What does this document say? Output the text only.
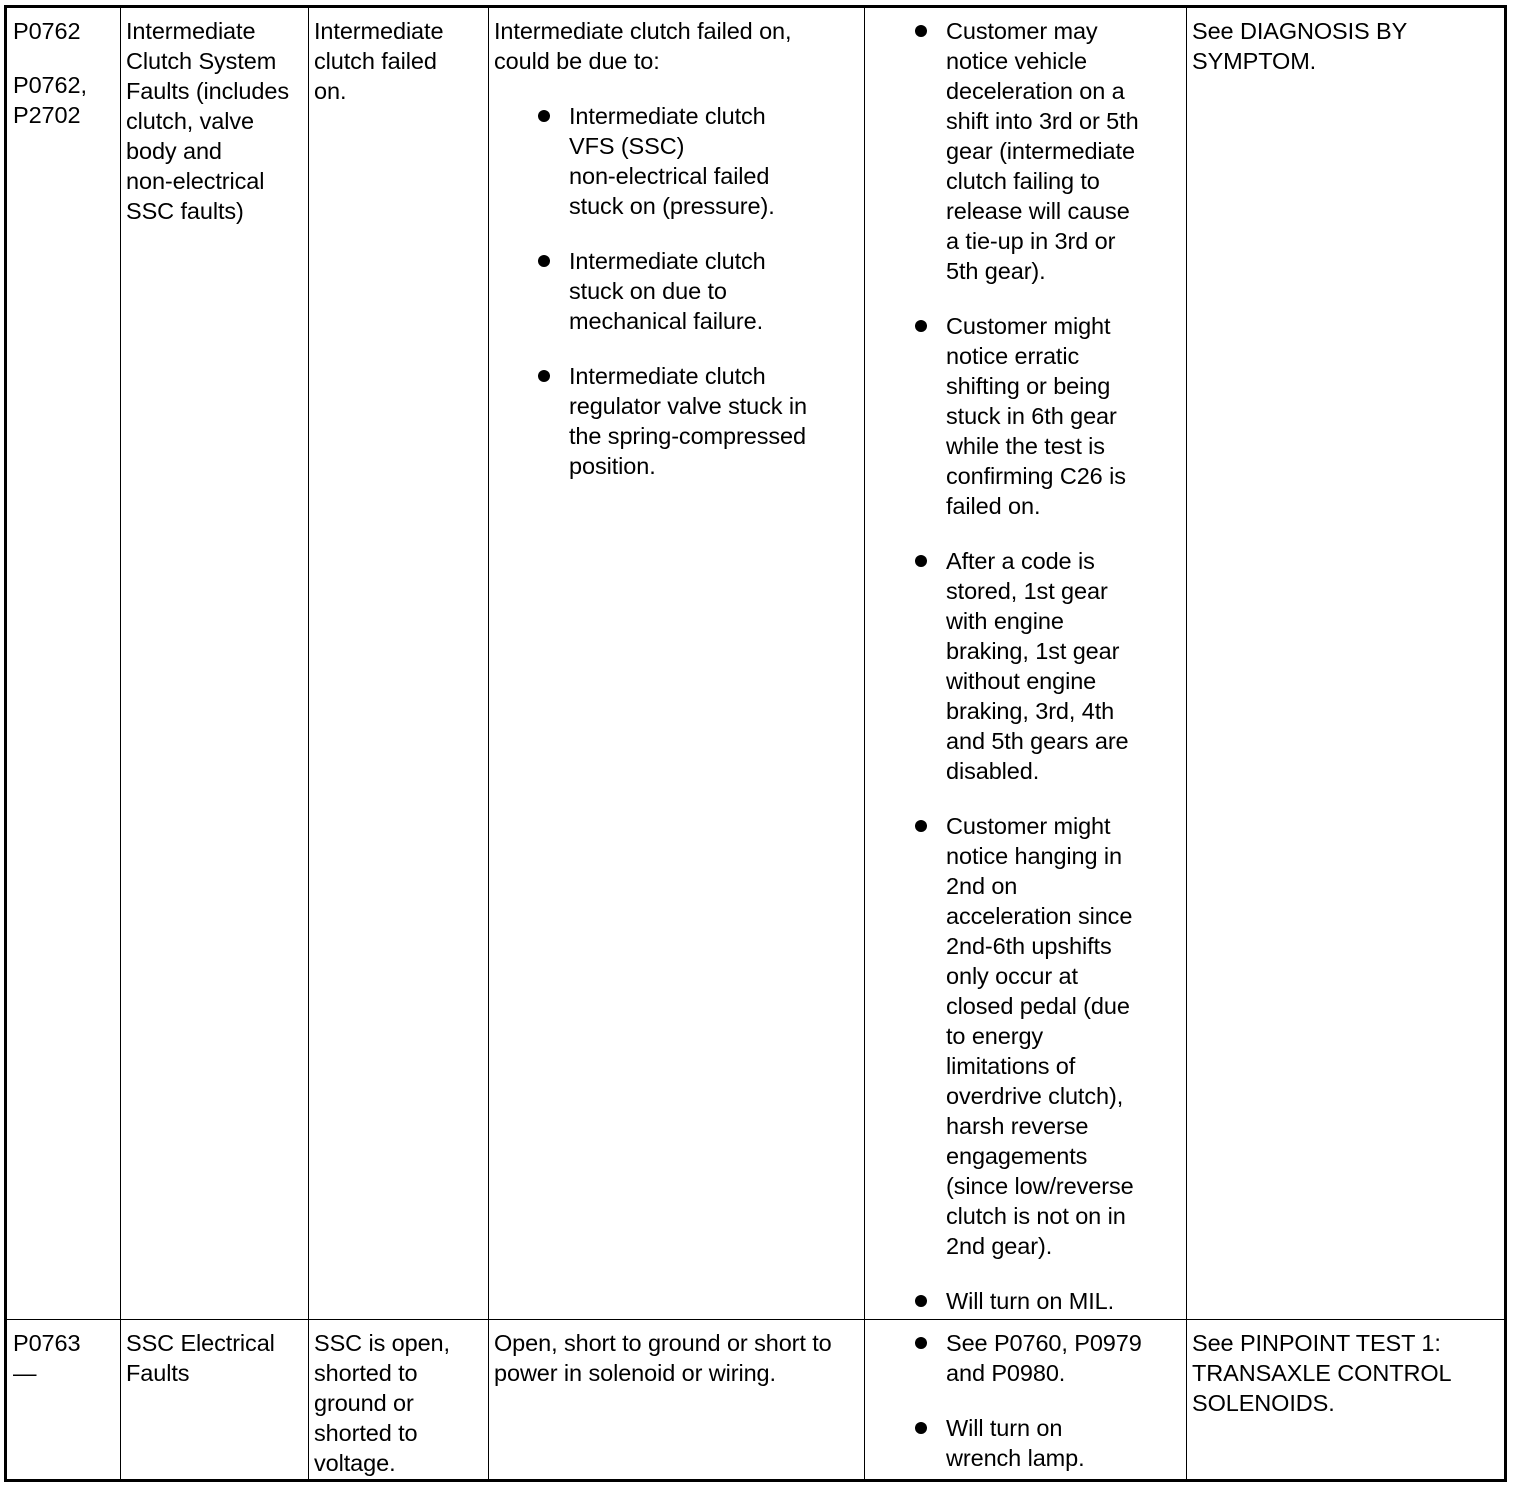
P0762

P0762,
P2702

Intermediate
Clutch System
Faults (includes
clutch, valve
body and
non-electrical
SSC faults)

Intermediate
clutch failed
on.

Intermediate clutch failed on,
could be due to:

Intermediate clutch
VFS (SSC)
non-electrical failed
stuck on (pressure).
Intermediate clutch
stuck on due to
mechanical failure.
Intermediate clutch
regulator valve stuck in
the spring-compressed
position.
Customer may
notice vehicle
deceleration on a
shift into 3rd or 5th
gear (intermediate
clutch failing to
release will cause
a tie-up in 3rd or
5th gear).
Customer might
notice erratic
shifting or being
stuck in 6th gear
while the test is
confirming C26 is
failed on.
After a code is
stored, 1st gear
with engine
braking, 1st gear
without engine
braking, 3rd, 4th
and 5th gears are
disabled.
Customer might
notice hanging in
2nd on
acceleration since
2nd-6th upshifts
only occur at
closed pedal (due
to energy
limitations of
overdrive clutch),
harsh reverse
engagements
(since low/reverse
clutch is not on in
2nd gear).
Will turn on MIL.

See DIAGNOSIS BY
SYMPTOM.

P0763

—

SSC Electrical
Faults

SSC is open,
shorted to
ground or
shorted to
voltage.

Open, short to ground or short to
power in solenoid or wiring.

See P0760, P0979
and P0980.
Will turn on
wrench lamp.

See PINPOINT TEST 1:
TRANSAXLE CONTROL
SOLENOIDS.
